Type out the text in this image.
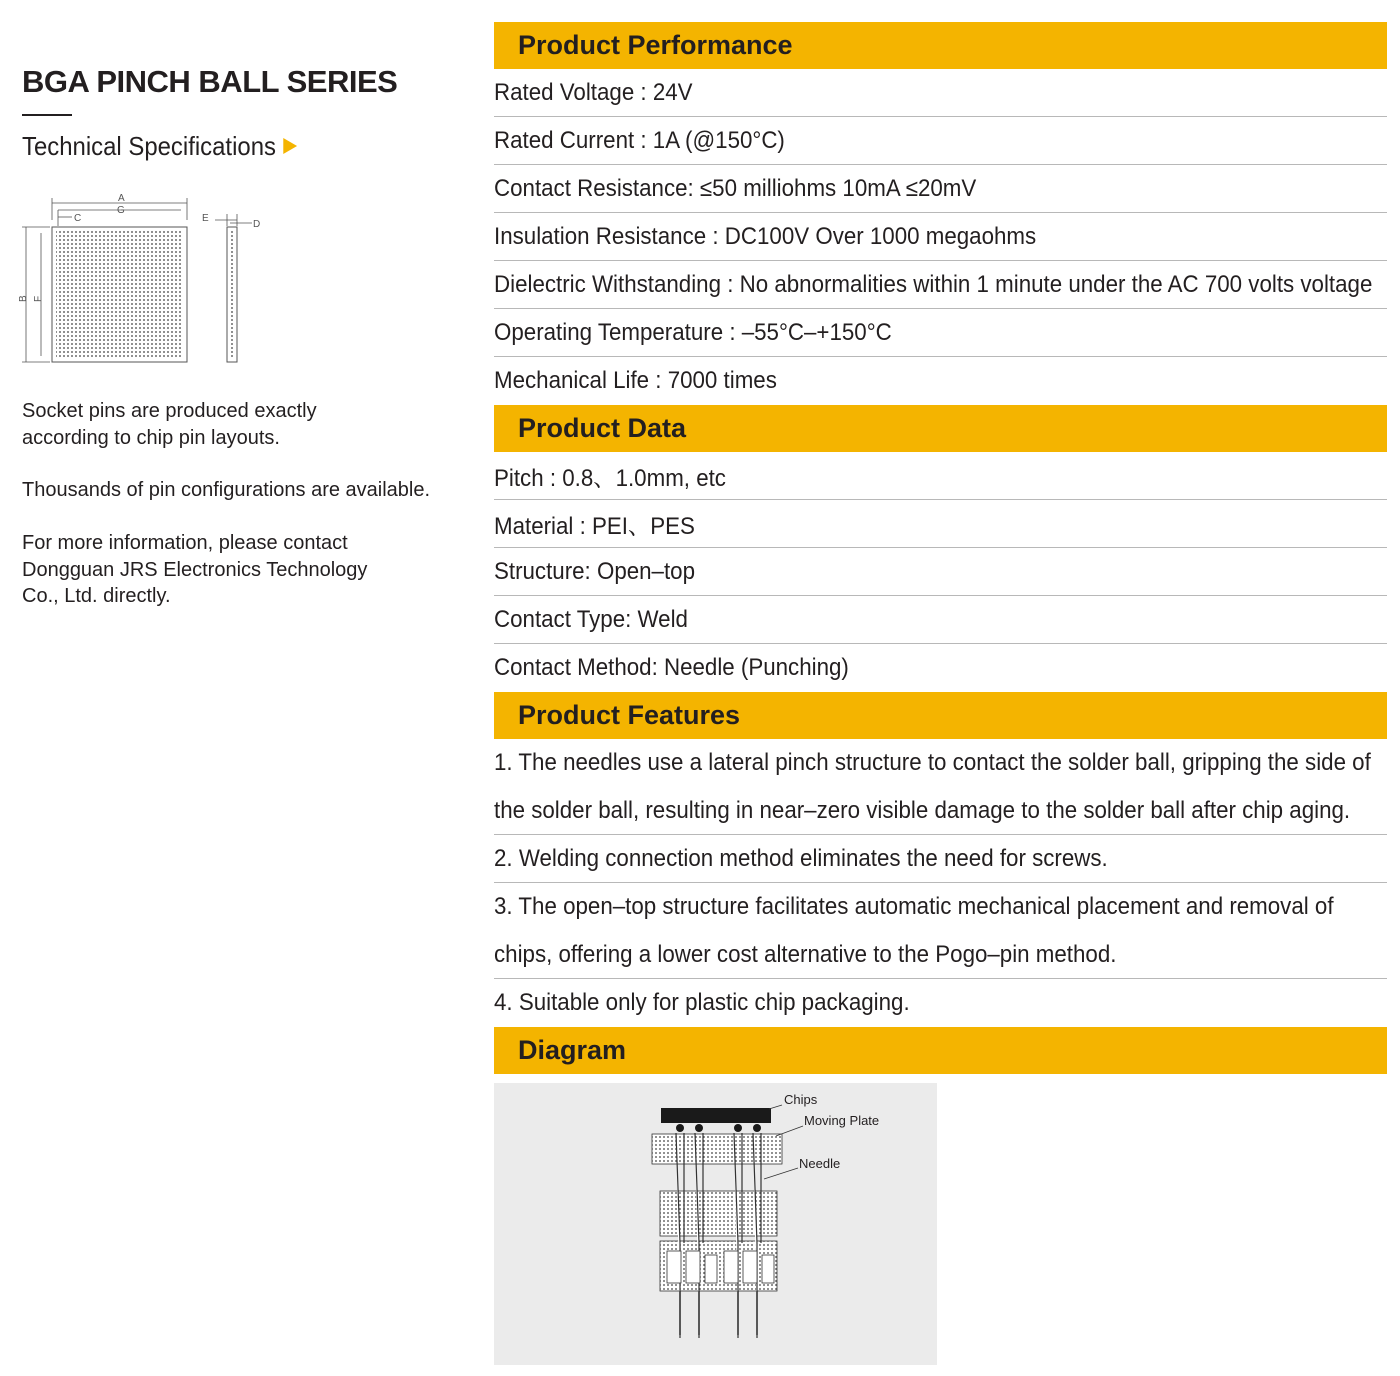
BGA PINCH BALL SERIES
Technical Specifications
A
G
C
B F
E
D
Socket pins are produced exactly
according to chip pin layouts.
Thousands of pin configurations are available.
For more information, please contact
Dongguan JRS Electronics Technology
Co., Ltd. directly.
Product Performance
Rated Voltage : 24V
Rated Current : 1A (@150°C)
Contact Resistance: ≤50 milliohms 10mA ≤20mV
Insulation Resistance : DC100V Over 1000 megaohms
Dielectric Withstanding : No abnormalities within 1 minute under the AC 700 volts voltage
Operating Temperature : –55°C–+150°C
Mechanical Life : 7000 times
Product Data
Pitch : 0.8、1.0mm, etc
Material : PEI、PES
Structure: Open–top
Contact Type: Weld
Contact Method: Needle (Punching)
Product Features
1. The needles use a lateral pinch structure to contact the solder ball, gripping the side of
the solder ball, resulting in near–zero visible damage to the solder ball after chip aging.
2. Welding connection method eliminates the need for screws.
3. The open–top structure facilitates automatic mechanical placement and removal of
chips, offering a lower cost alternative to the Pogo–pin method.
4. Suitable only for plastic chip packaging.
Diagram
Chips
Moving Plate
Needle
